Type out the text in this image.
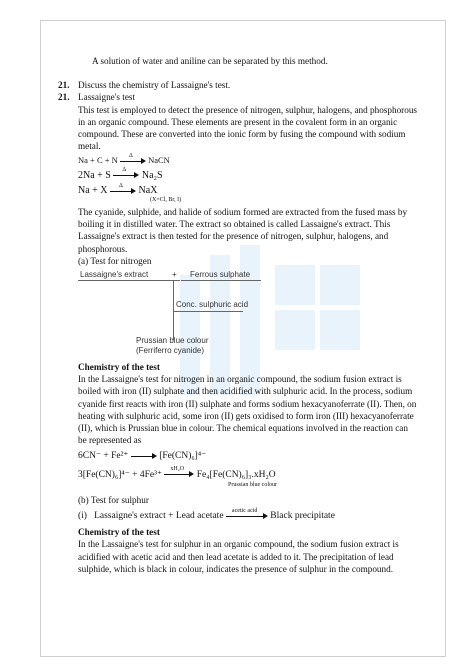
A solution of water and aniline can be separated by this method.

21. Discuss the chemistry of Lassaigne's test.

21. Lassaigne's test

This test is employed to detect the presence of nitrogen, sulphur, halogens, and phosphorous in an organic compound. These elements are present in the covalent form in an organic compound. These are converted into the ionic form by fusing the compound with sodium metal.

Na + C + N Δ NaCN
2Na + S Δ Na₂S
Na + X Δ NaX
(X=Cl, Br, I)

The cyanide, sulphide, and halide of sodium formed are extracted from the fused mass by boiling it in distilled water. The extract so obtained is called Lassaigne's extract. This Lassaigne's extract is then tested for the presence of nitrogen, sulphur, halogens, and phosphorous.

(a) Test for nitrogen

Lassaigne's extract	+ Ferrous sulphate
Conc. sulphuric acid
Prussian blue colour
(Ferriferro cyanide)

Chemistry of the test

In the Lassaigne's test for nitrogen in an organic compound, the sodium fusion extract is boiled with iron (II) sulphate and then acidified with sulphuric acid. In the process, sodium cyanide first reacts with iron (II) sulphate and forms sodium hexacyanoferrate (II). Then, on heating with sulphuric acid, some iron (II) gets oxidised to form iron (III) hexacyanoferrate (II), which is Prussian blue in colour. The chemical equations involved in the reaction can be represented as

6CN⁻ + Fe²⁺	[Fe(CN)₆]⁴⁻
3[Fe(CN)₆]⁴⁻ + 4Fe³⁺
xH₂O
Fe₄[Fe(CN)₆]₃.xH₂O
Prussian blue colour

(b) Test for sulphur

(i) Lassaigne's extract + Lead acetate
acetic acid
Black precipitate

Chemistry of the test

In the Lassaigne's test for sulphur in an organic compound, the sodium fusion extract is acidified with acetic acid and then lead acetate is added to it. The precipitation of lead sulphide, which is black in colour, indicates the presence of sulphur in the compound.
